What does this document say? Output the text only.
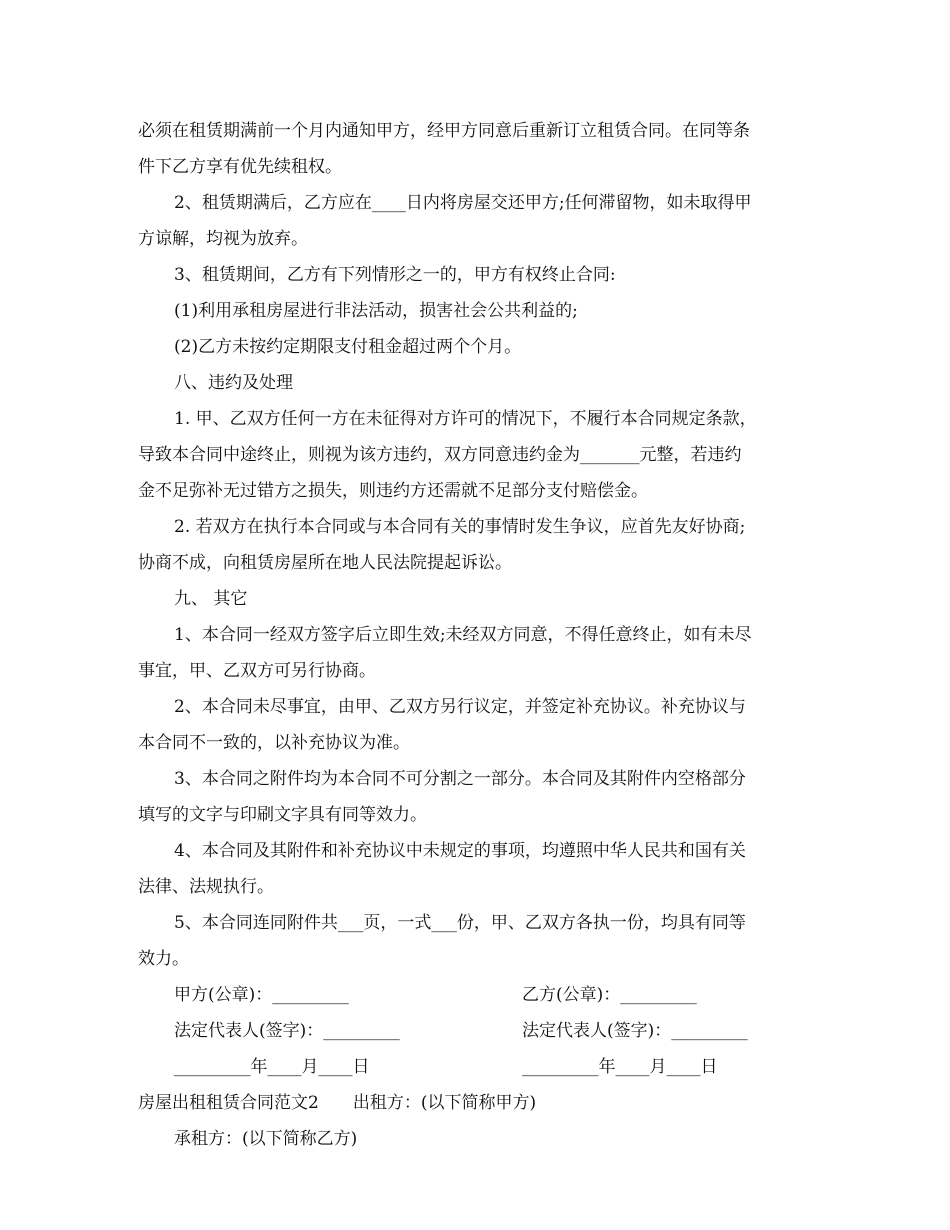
必须在租赁期满前一个月内通知甲方，经甲方同意后重新订立租赁合同。在同等条
件下乙方享有优先续租权。
2、租赁期满后，乙方应在____日内将房屋交还甲方;任何滞留物，如未取得甲
方谅解，均视为放弃。
3、租赁期间，乙方有下列情形之一的，甲方有权终止合同:
(1)利用承租房屋进行非法活动，损害社会公共利益的;
(2)乙方未按约定期限支付租金超过两个个月。
八、违约及处理
1. 甲、乙双方任何一方在未征得对方许可的情况下，不履行本合同规定条款，
导致本合同中途终止，则视为该方违约，双方同意违约金为_______元整，若违约
金不足弥补无过错方之损失，则违约方还需就不足部分支付赔偿金。
2. 若双方在执行本合同或与本合同有关的事情时发生争议，应首先友好协商;
协商不成，向租赁房屋所在地人民法院提起诉讼。
九、 其它
1、本合同一经双方签字后立即生效;未经双方同意，不得任意终止，如有未尽
事宜，甲、乙双方可另行协商。
2、本合同未尽事宜，由甲、乙双方另行议定，并签定补充协议。补充协议与
本合同不一致的，以补充协议为准。
3、本合同之附件均为本合同不可分割之一部分。本合同及其附件内空格部分
填写的文字与印刷文字具有同等效力。
4、本合同及其附件和补充协议中未规定的事项，均遵照中华人民共和国有关
法律、法规执行。
5、本合同连同附件共___页，一式___份，甲、乙双方各执一份，均具有同等
效力。
甲方(公章)：_________	乙方(公章)：_________
法定代表人(签字)：_________	法定代表人(签字)：_________
_________年____月____日	_________年____月____日
房屋出租租赁合同范文2　　出租方：(以下简称甲方)
承租方：(以下简称乙方)
